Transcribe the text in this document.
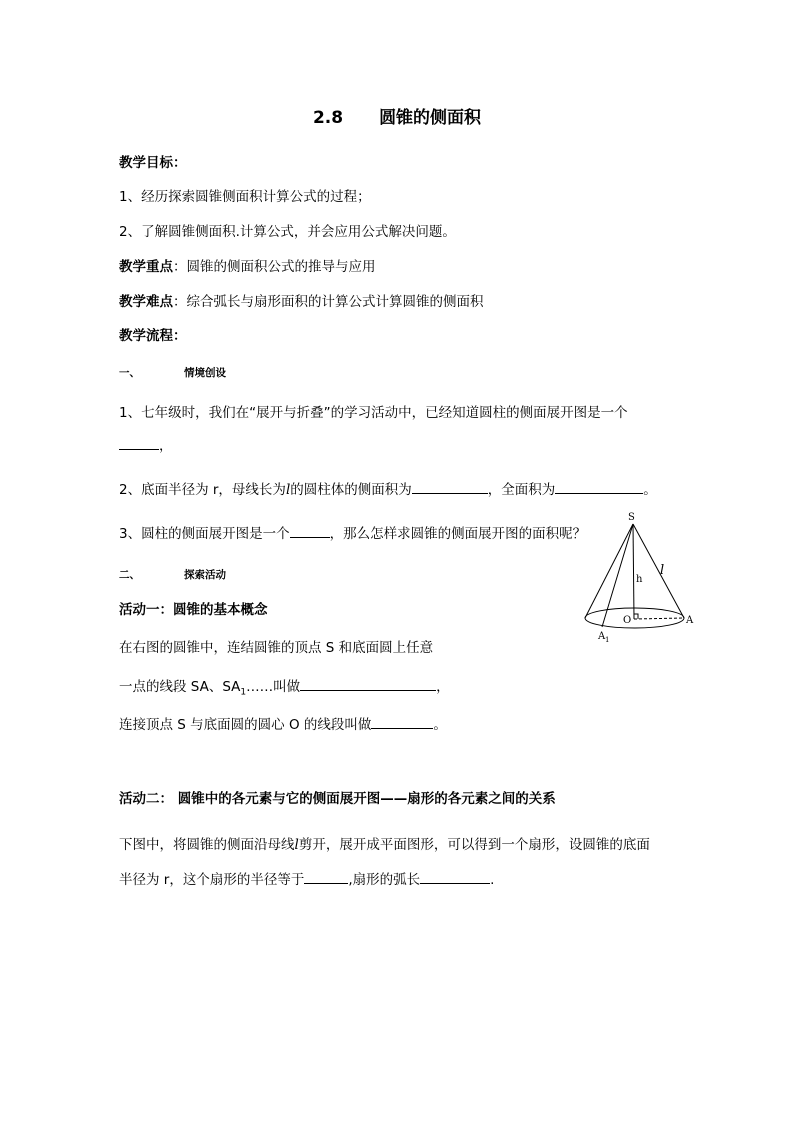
2.8 圆锥的侧面积
教学目标：
1、经历探索圆锥侧面积计算公式的过程；
2、了解圆锥侧面积.计算公式，并会应用公式解决问题。
教学重点：圆锥的侧面积公式的推导与应用
教学难点：综合弧长与扇形面积的计算公式计算圆锥的侧面积
教学流程：
一、	情境创设
1、七年级时，我们在“展开与折叠”的学习活动中，已经知道圆柱的侧面展开图是一个
，
2、底面半径为 r，母线长为l的圆柱体的侧面积为	，全面积为	。
3、圆柱的侧面展开图是一个	，那么怎样求圆锥的侧面展开图的面积呢？
二、	探索活动
活动一：圆锥的基本概念
在右图的圆锥中，连结圆锥的顶点 S 和底面圆上任意
一点的线段 SA、$SA_1\dots\dots$叫做	，
连接顶点 S 与底面圆的圆心 O 的线段叫做	。
活动二： 圆锥中的各元素与它的侧面展开图——扇形的各元素之间的关系
下图中，将圆锥的侧面沿母线l剪开，展开成平面图形，可以得到一个扇形，设圆锥的底面
半径为 r，这个扇形的半径等于	,扇形的弧长	.
S
h
l
O	A
A 1
